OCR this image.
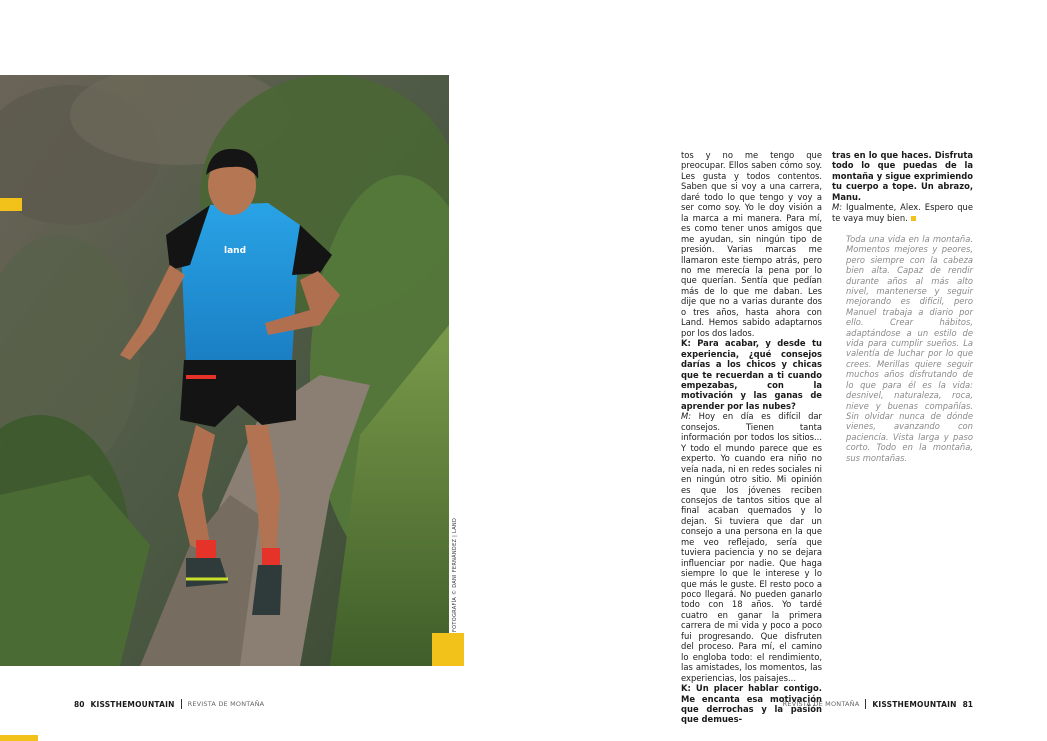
land
FOTOGRAFÍA © DANI FERNÁNDEZ | LAND

tos y no me tengo que preocupar. Ellos saben cómo soy. Les gusta y todos contentos. Saben que si voy a una carrera, daré todo lo que tengo y voy a ser como soy. Yo le doy visión a la marca a mi manera. Para mí, es como tener unos amigos que me ayudan, sin ningún tipo de presión. Varias marcas me llamaron este tiempo atrás, pero no me merecía la pena por lo que querían. Sentía que pedían más de lo que me daban. Les dije que no a varias durante dos o tres años, hasta ahora con Land. Hemos sabido adaptarnos por los dos lados.

K: Para acabar, y desde tu experiencia, ¿qué consejos darías a los chicos y chicas que te recuerdan a ti cuando empezabas, con la motivación y las ganas de aprender por las nubes?

M: Hoy en día es difícil dar consejos. Tienen tanta información por todos los sitios... Y todo el mundo parece que es experto. Yo cuando era niño no veía nada, ni en redes sociales ni en ningún otro sitio. Mi opinión es que los jóvenes reciben consejos de tantos sitios que al final acaban quemados y lo dejan. Si tuviera que dar un consejo a una persona en la que me veo reflejado, sería que tuviera paciencia y no se dejara influenciar por nadie. Que haga siempre lo que le interese y lo que más le guste. El resto poco a poco llegará. No pueden ganarlo todo con 18 años. Yo tardé cuatro en ganar la primera carrera de mi vida y poco a poco fui progresando. Que disfruten del proceso. Para mí, el camino lo engloba todo: el rendimiento, las amistades, los momentos, las experiencias, los paisajes...

K: Un placer hablar contigo. Me encanta esa motivación que derrochas y la pasión que demues-

tras en lo que haces. Disfruta todo lo que puedas de la montaña y sigue exprimiendo tu cuerpo a tope. Un abrazo, Manu.

M: Igualmente, Alex. Espero que te vaya muy bien.

Toda una vida en la montaña. Momentos mejores y peores, pero siempre con la cabeza bien alta. Capaz de rendir durante años al más alto nivel, mantenerse y seguir mejorando es difícil, pero Manuel trabaja a diario por ello. Crear hábitos, adaptándose a un estilo de vida para cumplir sueños. La valentía de luchar por lo que crees. Merillas quiere seguir muchos años disfrutando de lo que para él es la vida: desnivel, naturaleza, roca, nieve y buenas compañías. Sin olvidar nunca de dónde vienes, avanzando con paciencia. Vista larga y paso corto. Todo en la montaña, sus montañas.
80 KISSTHEMOUNTAIN REVISTA DE MONTAÑA	REVISTA DE MONTAÑA KISSTHEMOUNTAIN 81
